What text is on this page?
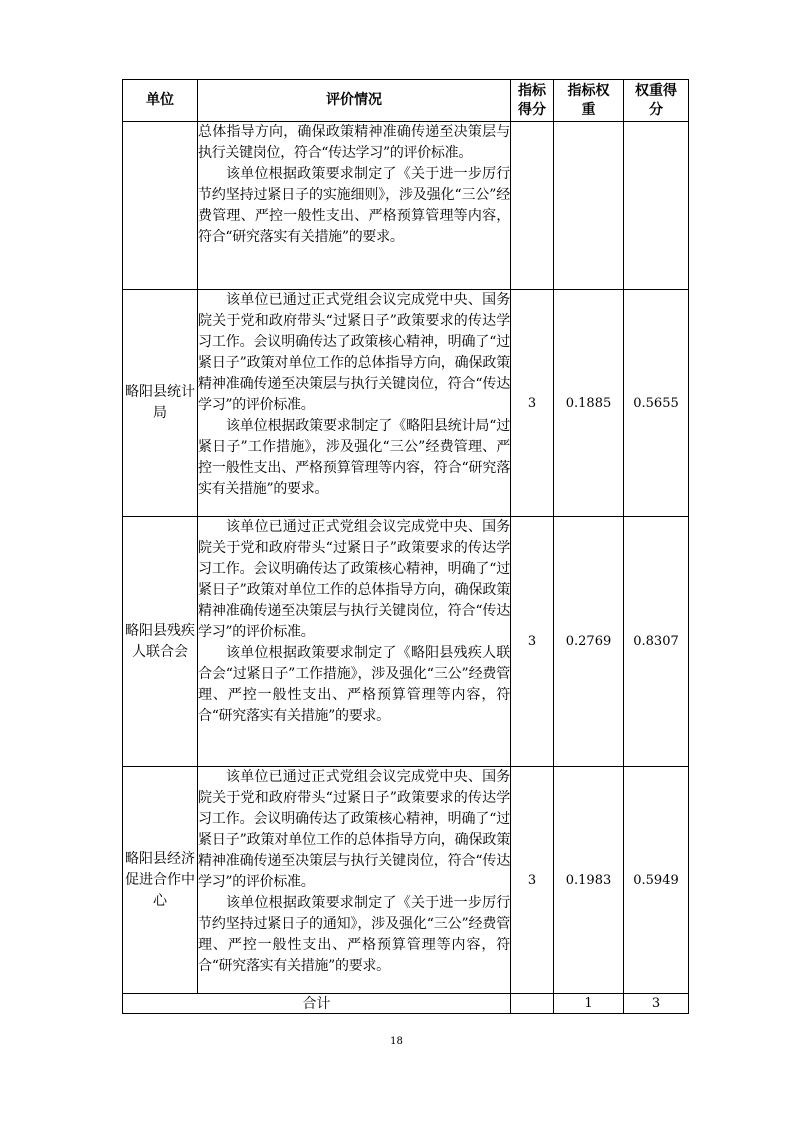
单位	评价情况	指标得分	指标权重	权重得分

	总体指导方向，确保政策精神准确传递至决策层与执行关键岗位，符合“传达学习”的评价标准。

该单位根据政策要求制定了《关于进一步厉行节约坚持过紧日子的实施细则》，涉及强化“三公”经费管理、严控一般性支出、严格预算管理等内容，符合“研究落实有关措施”的要求。			

略阳县统计局	该单位已通过正式党组会议完成党中央、国务院关于党和政府带头“过紧日子”政策要求的传达学习工作。会议明确传达了政策核心精神，明确了“过紧日子”政策对单位工作的总体指导方向，确保政策精神准确传递至决策层与执行关键岗位，符合“传达学习”的评价标准。

该单位根据政策要求制定了《略阳县统计局“过紧日子”工作措施》，涉及强化“三公”经费管理、严控一般性支出、严格预算管理等内容，符合“研究落实有关措施”的要求。	3	0.1885	0.5655
略阳县残疾人联合会	该单位已通过正式党组会议完成党中央、国务院关于党和政府带头“过紧日子”政策要求的传达学习工作。会议明确传达了政策核心精神，明确了“过紧日子”政策对单位工作的总体指导方向，确保政策精神准确传递至决策层与执行关键岗位，符合“传达学习”的评价标准。

该单位根据政策要求制定了《略阳县残疾人联合会“过紧日子”工作措施》，涉及强化“三公”经费管理、严控一般性支出、严格预算管理等内容，符合“研究落实有关措施”的要求。	3	0.2769	0.8307
略阳县经济促进合作中心	该单位已通过正式党组会议完成党中央、国务院关于党和政府带头“过紧日子”政策要求的传达学习工作。会议明确传达了政策核心精神，明确了“过紧日子”政策对单位工作的总体指导方向，确保政策精神准确传递至决策层与执行关键岗位，符合“传达学习”的评价标准。

该单位根据政策要求制定了《关于进一步厉行节约坚持过紧日子的通知》，涉及强化“三公”经费管理、严控一般性支出、严格预算管理等内容，符合“研究落实有关措施”的要求。	3	0.1983	0.5949
合计			1	3
18
